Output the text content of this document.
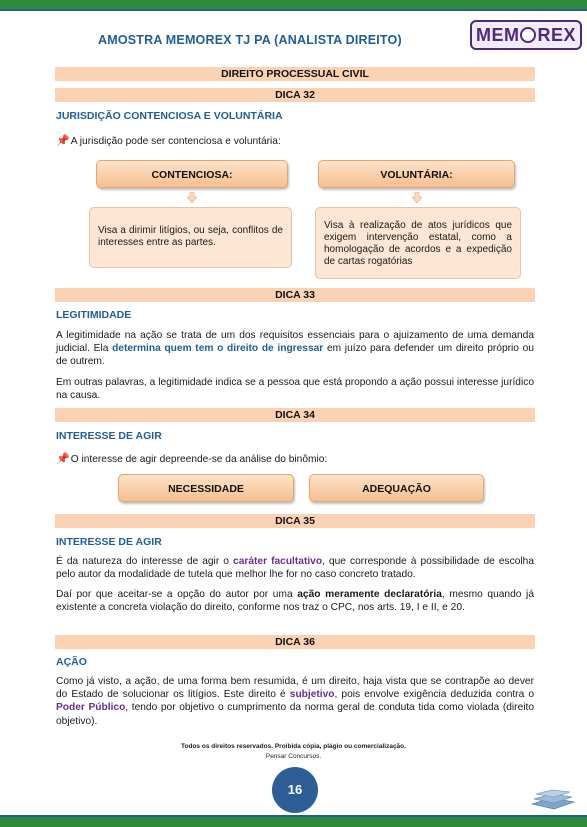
AMOSTRA MEMOREX TJ PA (ANALISTA DIREITO)	MEM REX
DIREITO PROCESSUAL CIVIL
DICA 32
JURISDIÇÃO CONTENCIOSA E VOLUNTÁRIA
📌A jurisdição pode ser contenciosa e voluntária:
CONTENCIOSA:
Visa a dirimir litígios, ou seja, conflitos de interesses entre as partes.
VOLUNTÁRIA:
Visa à realização de atos jurídicos que exigem intervenção estatal, como a homologação de acordos e a expedição de cartas rogatórias
DICA 33
LEGITIMIDADE
A legitimidade na ação se trata de um dos requisitos essenciais para o ajuizamento de uma demanda judicial. Ela determina quem tem o direito de ingressar em juízo para defender um direito próprio ou de outrem.
Em outras palavras, a legitimidade indica se a pessoa que está propondo a ação possui interesse jurídico na causa.
DICA 34
INTERESSE DE AGIR
📌O interesse de agir depreende-se da análise do binômio:
NECESSIDADE	ADEQUAÇÃO
DICA 35
INTERESSE DE AGIR
É da natureza do interesse de agir o caráter facultativo, que corresponde à possibilidade de escolha pelo autor da modalidade de tutela que melhor lhe for no caso concreto tratado.
Daí por que aceitar-se a opção do autor por uma ação meramente declaratória, mesmo quando já existente a concreta violação do direito, conforme nos traz o CPC, nos arts. 19, I e II, e 20.
DICA 36
AÇÃO
Como já visto, a ação, de uma forma bem resumida, é um direito, haja vista que se contrapõe ao dever do Estado de solucionar os litígios. Este direito é subjetivo, pois envolve exigência deduzida contra o Poder Público, tendo por objetivo o cumprimento da norma geral de conduta tida como violada (direito objetivo).
Todos os direitos reservados. Proibida cópia, plágio ou comercialização.
Pensar Concursos.
16
